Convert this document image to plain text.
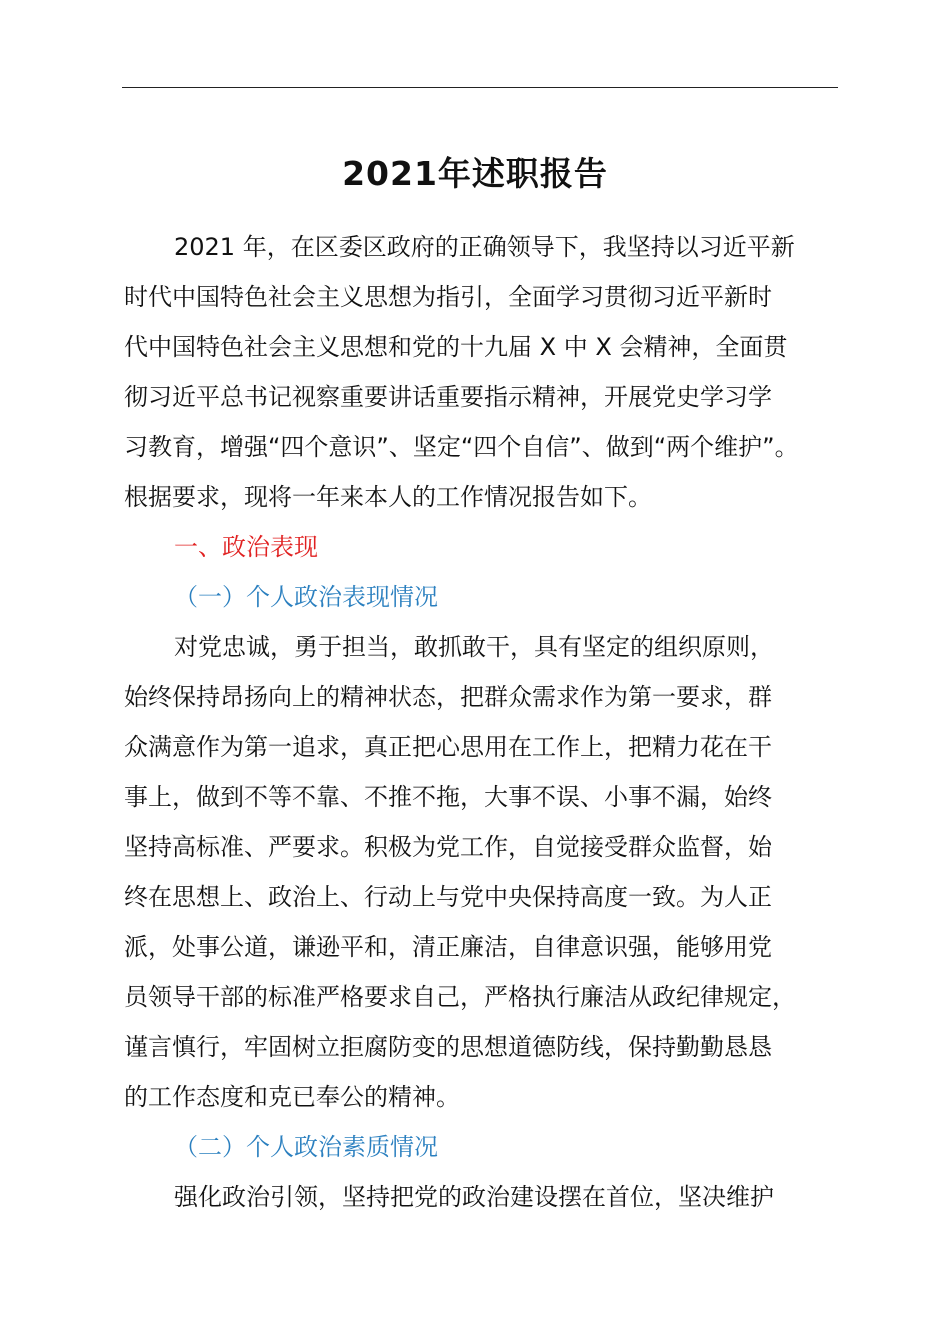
2021年述职报告
2021 年，在区委区政府的正确领导下，我坚持以习近平新
时代中国特色社会主义思想为指引，全面学习贯彻习近平新时
代中国特色社会主义思想和党的十九届 X 中 X 会精神，全面贯
彻习近平总书记视察重要讲话重要指示精神，开展党史学习学
习教育，增强“四个意识”、坚定“四个自信”、做到“两个维护”。
根据要求，现将一年来本人的工作情况报告如下。
一、政治表现
（一）个人政治表现情况
对党忠诚，勇于担当，敢抓敢干，具有坚定的组织原则，
始终保持昂扬向上的精神状态，把群众需求作为第一要求，群
众满意作为第一追求，真正把心思用在工作上，把精力花在干
事上，做到不等不靠、不推不拖，大事不误、小事不漏，始终
坚持高标准、严要求。积极为党工作，自觉接受群众监督，始
终在思想上、政治上、行动上与党中央保持高度一致。为人正
派，处事公道，谦逊平和，清正廉洁，自律意识强，能够用党
员领导干部的标准严格要求自己，严格执行廉洁从政纪律规定，
谨言慎行，牢固树立拒腐防变的思想道德防线，保持勤勤恳恳
的工作态度和克已奉公的精神。
（二）个人政治素质情况
强化政治引领，坚持把党的政治建设摆在首位，坚决维护
